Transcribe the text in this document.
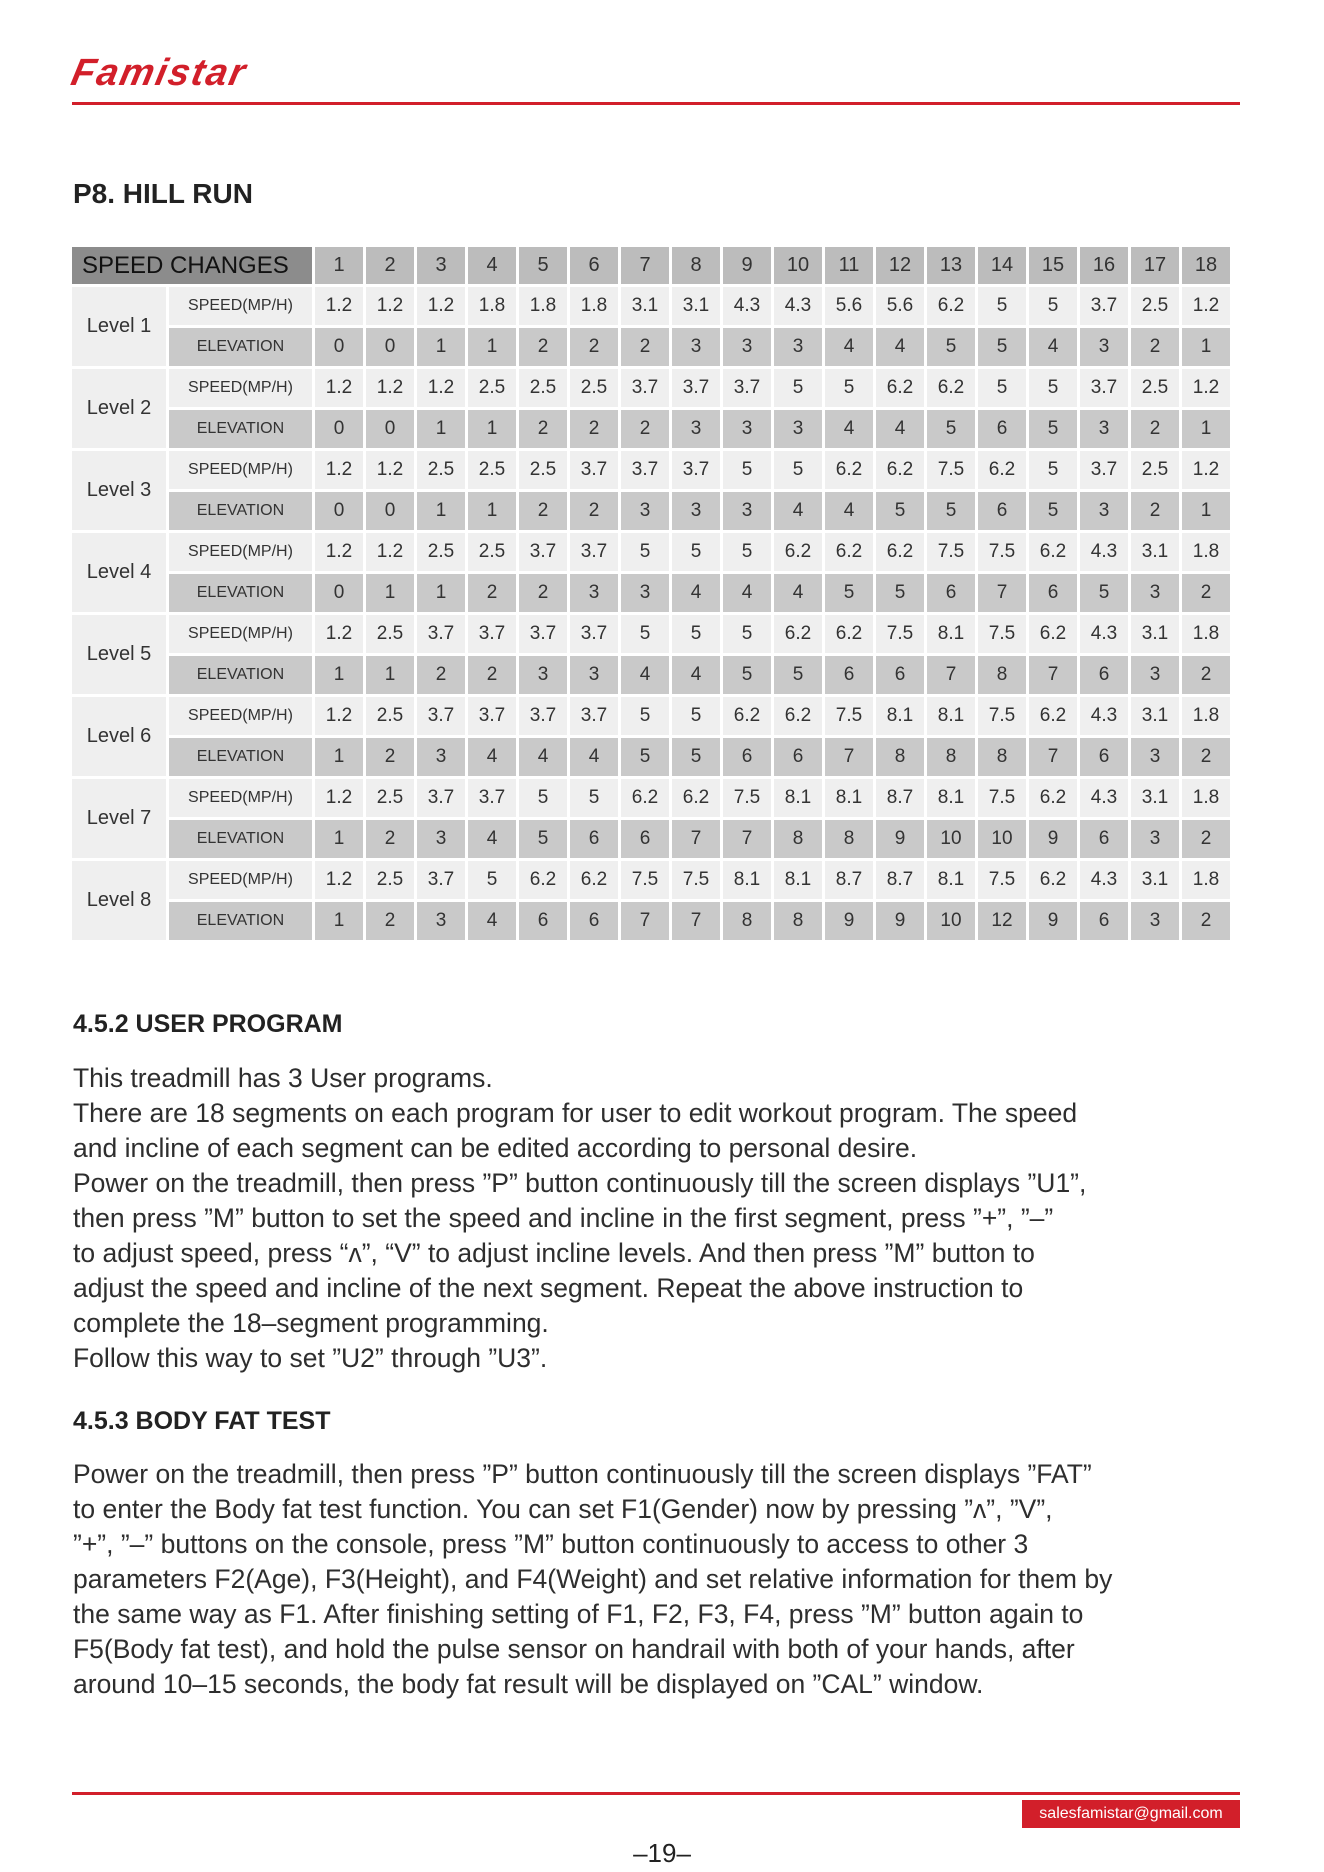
Famistar
P8. HILL RUN
SPEED CHANGES		1	2	3	4	5	6	7	8	9	10	11	12	13	14	15	16	17	18
Level 1	SPEED(MP/H)	1.2	1.2	1.2	1.8	1.8	1.8	3.1	3.1	4.3	4.3	5.6	5.6	6.2	5	5	3.7	2.5	1.2
	ELEVATION	0	0	1	1	2	2	2	3	3	3	4	4	5	5	4	3	2	1
Level 2	SPEED(MP/H)	1.2	1.2	1.2	2.5	2.5	2.5	3.7	3.7	3.7	5	5	6.2	6.2	5	5	3.7	2.5	1.2
	ELEVATION	0	0	1	1	2	2	2	3	3	3	4	4	5	6	5	3	2	1
Level 3	SPEED(MP/H)	1.2	1.2	2.5	2.5	2.5	3.7	3.7	3.7	5	5	6.2	6.2	7.5	6.2	5	3.7	2.5	1.2
	ELEVATION	0	0	1	1	2	2	3	3	3	4	4	5	5	6	5	3	2	1
Level 4	SPEED(MP/H)	1.2	1.2	2.5	2.5	3.7	3.7	5	5	5	6.2	6.2	6.2	7.5	7.5	6.2	4.3	3.1	1.8
	ELEVATION	0	1	1	2	2	3	3	4	4	4	5	5	6	7	6	5	3	2
Level 5	SPEED(MP/H)	1.2	2.5	3.7	3.7	3.7	3.7	5	5	5	6.2	6.2	7.5	8.1	7.5	6.2	4.3	3.1	1.8
	ELEVATION	1	1	2	2	3	3	4	4	5	5	6	6	7	8	7	6	3	2
Level 6	SPEED(MP/H)	1.2	2.5	3.7	3.7	3.7	3.7	5	5	6.2	6.2	7.5	8.1	8.1	7.5	6.2	4.3	3.1	1.8
	ELEVATION	1	2	3	4	4	4	5	5	6	6	7	8	8	8	7	6	3	2
Level 7	SPEED(MP/H)	1.2	2.5	3.7	3.7	5	5	6.2	6.2	7.5	8.1	8.1	8.7	8.1	7.5	6.2	4.3	3.1	1.8
	ELEVATION	1	2	3	4	5	6	6	7	7	8	8	9	10	10	9	6	3	2
Level 8	SPEED(MP/H)	1.2	2.5	3.7	5	6.2	6.2	7.5	7.5	8.1	8.1	8.7	8.7	8.1	7.5	6.2	4.3	3.1	1.8
	ELEVATION	1	2	3	4	6	6	7	7	8	8	9	9	10	12	9	6	3	2
4.5.2 USER PROGRAM

This treadmill has 3 User programs.

There are 18 segments on each program for user to edit workout program. The speed

and incline of each segment can be edited according to personal desire.

Power on the treadmill, then press ”P” button continuously till the screen displays ”U1”,

then press ”M” button to set the speed and incline in the first segment, press ”+”, ”–”

to adjust speed, press “ʌ”, “V” to adjust incline levels. And then press ”M” button to

adjust the speed and incline of the next segment. Repeat the above instruction to

complete the 18–segment programming.

Follow this way to set ”U2” through ”U3”.

4.5.3 BODY FAT TEST

Power on the treadmill, then press ”P” button continuously till the screen displays ”FAT”

to enter the Body fat test function. You can set F1(Gender) now by pressing ”ʌ”, ”V”,

”+”, ”–” buttons on the console, press ”M” button continuously to access to other 3

parameters F2(Age), F3(Height), and F4(Weight) and set relative information for them by

the same way as F1. After finishing setting of F1, F2, F3, F4, press ”M” button again to

F5(Body fat test), and hold the pulse sensor on handrail with both of your hands, after

around 10–15 seconds, the body fat result will be displayed on ”CAL” window.

salesfamistar@gmail.com
–19–
